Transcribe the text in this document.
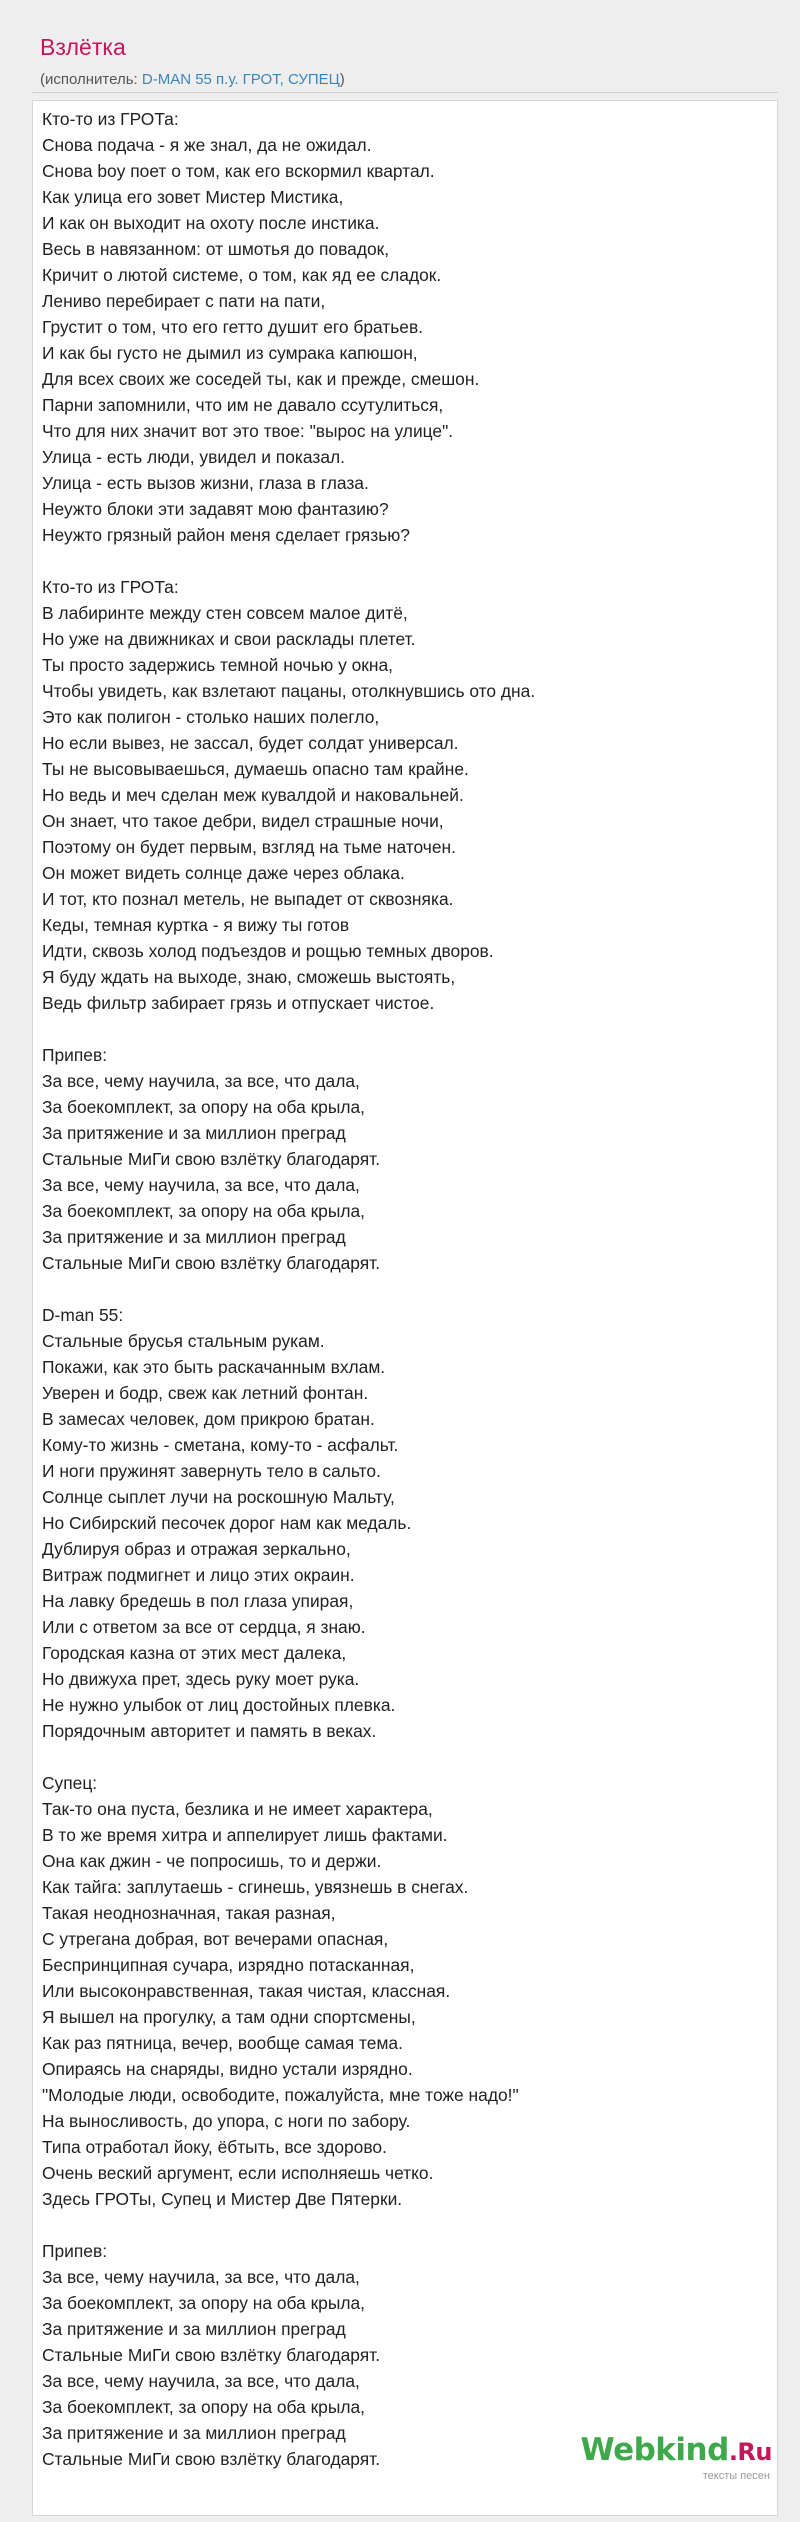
Взлётка
(исполнитель: D-MAN 55 п.у. ГРОТ, СУПЕЦ)
Кто-то из ГРОТа:
Снова подача - я же знал, да не ожидал.
Снова boy поет о том, как его вскормил квартал.
Как улица его зовет Мистер Мистика,
И как он выходит на охоту после инстика.
Весь в навязанном: от шмотья до повадок,
Кричит о лютой системе, о том, как яд ее сладок.
Лениво перебирает с пати на пати,
Грустит о том, что его гетто душит его братьев.
И как бы густо не дымил из сумрака капюшон,
Для всех своих же соседей ты, как и прежде, смешон.
Парни запомнили, что им не давало ссутулиться,
Что для них значит вот это твое: "вырос на улице".
Улица - есть люди, увидел и показал.
Улица - есть вызов жизни, глаза в глаза.
Неужто блоки эти задавят мою фантазию?
Неужто грязный район меня сделает грязью?
Кто-то из ГРОТа:
В лабиринте между стен совсем малое дитё,
Но уже на движниках и свои расклады плетет.
Ты просто задержись темной ночью у окна,
Чтобы увидеть, как взлетают пацаны, отолкнувшись ото дна.
Это как полигон - столько наших полегло,
Но если вывез, не зассал, будет солдат универсал.
Ты не высовываешься, думаешь опасно там крайне.
Но ведь и меч сделан меж кувалдой и наковальней.
Он знает, что такое дебри, видел страшные ночи,
Поэтому он будет первым, взгляд на тьме наточен.
Он может видеть солнце даже через облака.
И тот, кто познал метель, не выпадет от сквозняка.
Кеды, темная куртка - я вижу ты готов
Идти, сквозь холод подъездов и рощью темных дворов.
Я буду ждать на выходе, знаю, сможешь выстоять,
Ведь фильтр забирает грязь и отпускает чистое.
Припев:
За все, чему научила, за все, что дала,
За боекомплект, за опору на оба крыла,
За притяжение и за миллион преград
Стальные МиГи свою взлётку благодарят.
За все, чему научила, за все, что дала,
За боекомплект, за опору на оба крыла,
За притяжение и за миллион преград
Стальные МиГи свою взлётку благодарят.
D-man 55:
Стальные брусья стальным рукам.
Покажи, как это быть раскачанным вхлам.
Уверен и бодр, свеж как летний фонтан.
В замесах человек, дом прикрою братан.
Кому-то жизнь - сметана, кому-то - асфальт.
И ноги пружинят завернуть тело в сальто.
Солнце сыплет лучи на роскошную Мальту,
Но Сибирский песочек дорог нам как медаль.
Дублируя образ и отражая зеркально,
Витраж подмигнет и лицо этих окраин.
На лавку бредешь в пол глаза упирая,
Или с ответом за все от сердца, я знаю.
Городская казна от этих мест далека,
Но движуха прет, здесь руку моет рука.
Не нужно улыбок от лиц достойных плевка.
Порядочным авторитет и память в веках.
Супец:
Так-то она пуста, безлика и не имеет характера,
В то же время хитра и аппелирует лишь фактами.
Она как джин - че попросишь, то и держи.
Как тайга: заплутаешь - сгинешь, увязнешь в снегах.
Такая неоднозначная, такая разная,
С утрегана добрая, вот вечерами опасная,
Беспринципная сучара, изрядно потасканная,
Или высоконравственная, такая чистая, классная.
Я вышел на прогулку, а там одни спортсмены,
Как раз пятница, вечер, вообще самая тема.
Опираясь на снаряды, видно устали изрядно.
"Молодые люди, освободите, пожалуйста, мне тоже надо!"
На выносливость, до упора, с ноги по забору.
Типа отработал йоку, ёбтыть, все здорово.
Очень веский аргумент, если исполняешь четко.
Здесь ГРОТы, Супец и Мистер Две Пятерки.
Припев:
За все, чему научила, за все, что дала,
За боекомплект, за опору на оба крыла,
За притяжение и за миллион преград
Стальные МиГи свою взлётку благодарят.
За все, чему научила, за все, что дала,
За боекомплект, за опору на оба крыла,
За притяжение и за миллион преград
Стальные МиГи свою взлётку благодарят.	Webkind.Ru
тексты песен
